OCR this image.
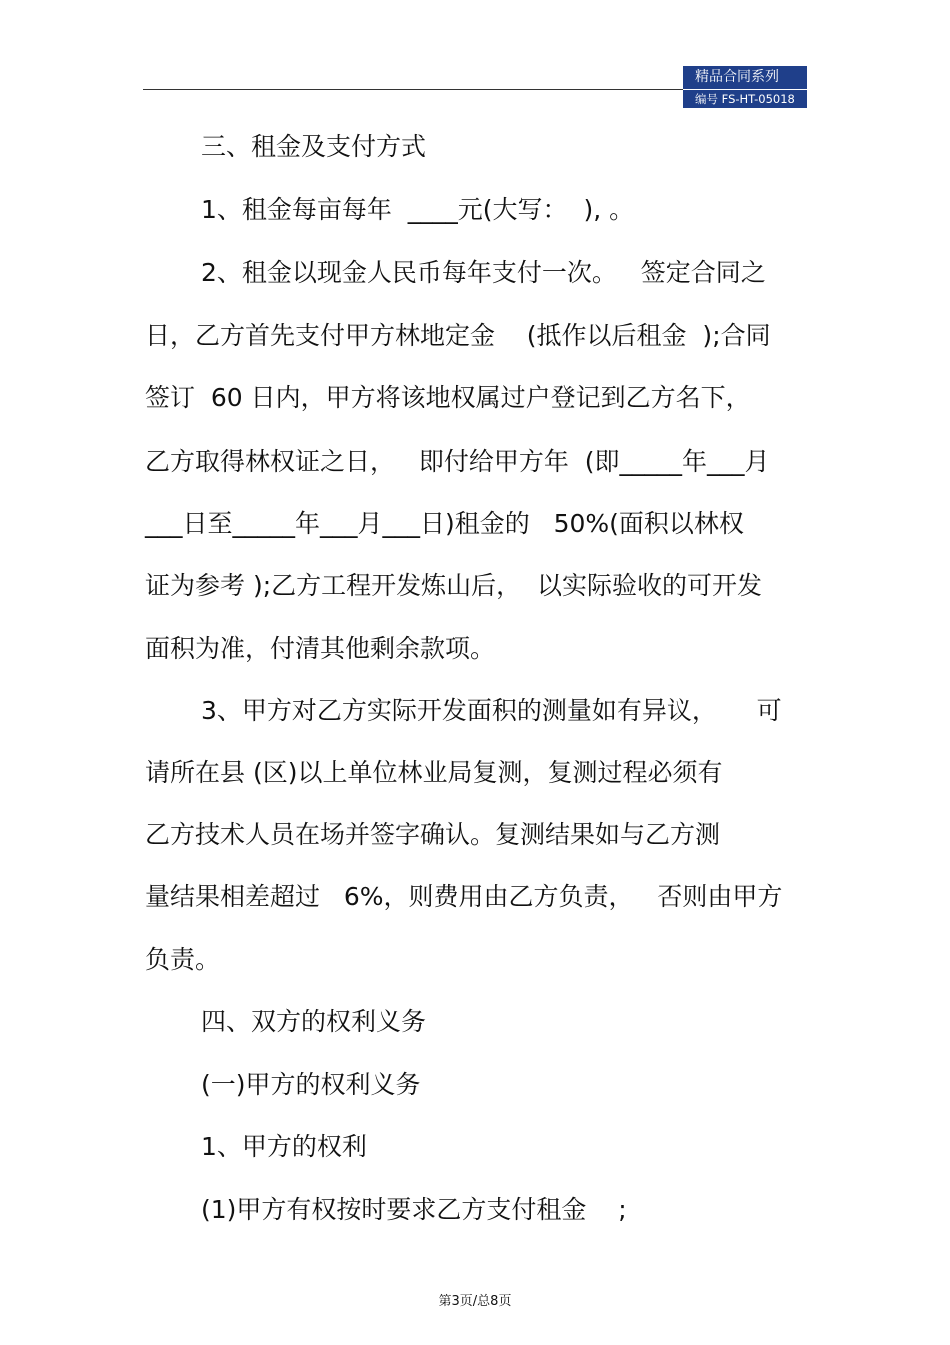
精品合同系列
编号 FS-HT-05018
三、租金及支付方式
1、租金每亩每年  ____元(大写：  ), 。
2、租金以现金人民币每年支付一次。   签定合同之
日，乙方首先支付甲方林地定金    (抵作以后租金  );合同
签订  60 日内，甲方将该地权属过户登记到乙方名下，
乙方取得林权证之日，   即付给甲方年  (即_____年___月
___日至_____年___月___日)租金的   50%(面积以林权
证为参考 );乙方工程开发炼山后，  以实际验收的可开发
面积为准，付清其他剩余款项。
3、甲方对乙方实际开发面积的测量如有异议，     可
请所在县 (区)以上单位林业局复测，复测过程必须有
乙方技术人员在场并签字确认。复测结果如与乙方测
量结果相差超过   6%，则费用由乙方负责，   否则由甲方
负责。
四、双方的权利义务
(一)甲方的权利义务
1、甲方的权利
(1)甲方有权按时要求乙方支付租金    ;
第3页/总8页
